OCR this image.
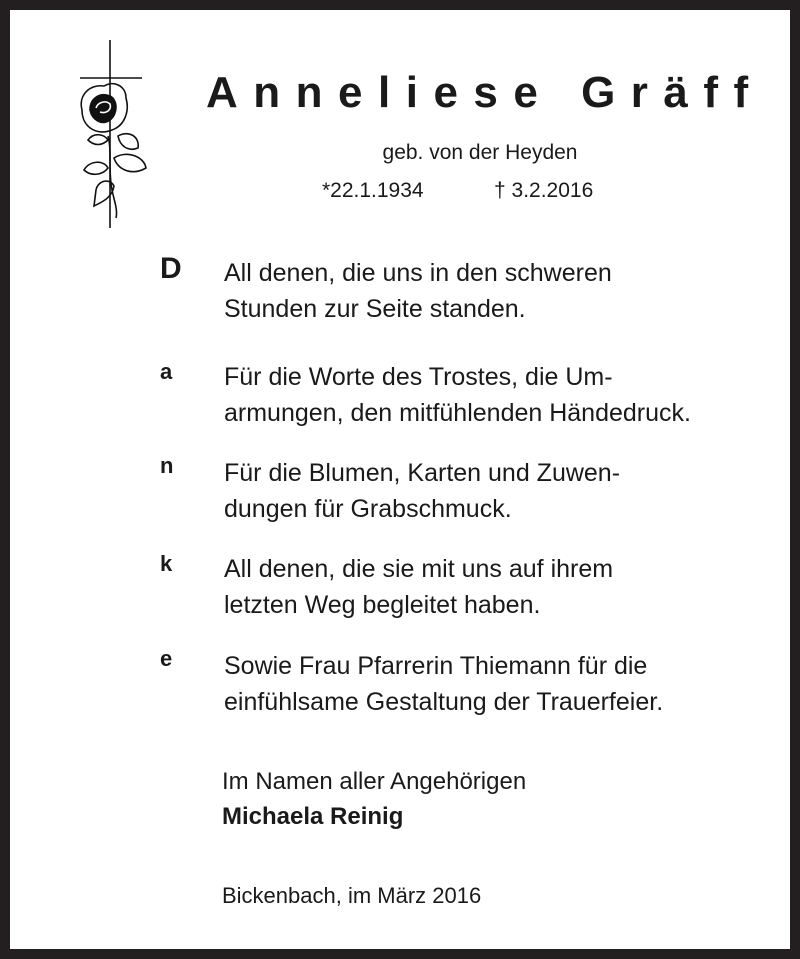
Anneliese Gräff
geb. von der Heyden
*22.1.1934	† 3.2.2016
D All denen, die uns in den schweren
Stunden zur Seite standen.
a Für die Worte des Trostes, die Um-
armungen, den mitfühlenden Händedruck.
n Für die Blumen, Karten und Zuwen-
dungen für Grabschmuck.
k All denen, die sie mit uns auf ihrem
letzten Weg begleitet haben.
e Sowie Frau Pfarrerin Thiemann für die
einfühlsame Gestaltung der Trauerfeier.
Im Namen aller Angehörigen
Michaela Reinig
Bickenbach, im März 2016
